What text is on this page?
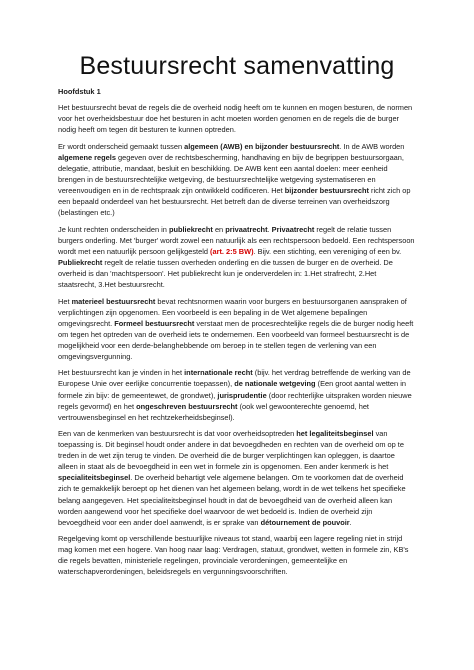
Bestuursrecht samenvatting
Hoofdstuk 1

Het bestuursrecht bevat de regels die de overheid nodig heeft om te kunnen en mogen besturen, de normen voor het overheidsbestuur doe het besturen in acht moeten worden genomen en de regels die de burger nodig heeft om tegen dit besturen te kunnen optreden.

Er wordt onderscheid gemaakt tussen algemeen (AWB) en bijzonder bestuursrecht. In de AWB worden algemene regels gegeven over de rechtsbescherming, handhaving en bijv de begrippen bestuursorgaan, delegatie, attributie, mandaat, besluit en beschikking. De AWB kent een aantal doelen: meer eenheid brengen in de bestuursrechtelijke wetgeving, de bestuursrechtelijke wetgeving systematiseren en vereenvoudigen en in de rechtspraak zijn ontwikkeld codificeren. Het bijzonder bestuursrecht richt zich op een bepaald onderdeel van het bestuursrecht. Het betreft dan de diverse terreinen van overheidszorg (belastingen etc.)

Je kunt rechten onderscheiden in publiekrecht en privaatrecht. Privaatrecht regelt de relatie tussen burgers onderling. Met 'burger' wordt zowel een natuurlijk als een rechtspersoon bedoeld. Een rechtspersoon wordt met een natuurlijk persoon gelijkgesteld (art. 2:5 BW). Bijv. een stichting, een vereniging of een bv. Publiekrecht regelt de relatie tussen overheden onderling en die tussen de burger en de overheid. De overheid is dan 'machtspersoon'. Het publiekrecht kun je onderverdelen in: 1.Het strafrecht, 2.Het staatsrecht, 3.Het bestuursrecht.

Het materieel bestuursrecht bevat rechtsnormen waarin voor burgers en bestuursorganen aanspraken of verplichtingen zijn opgenomen. Een voorbeeld is een bepaling in de Wet algemene bepalingen omgevingsrecht. Formeel bestuursrecht verstaat men de procesrechtelijke regels die de burger nodig heeft om tegen het optreden van de overheid iets te ondernemen. Een voorbeeld van formeel bestuursrecht is de mogelijkheid voor een derde-belanghebbende om beroep in te stellen tegen de verlening van een omgevingsvergunning.

Het bestuursrecht kan je vinden in het internationale recht (bijv. het verdrag betreffende de werking van de Europese Unie over eerlijke concurrentie toepassen), de nationale wetgeving (Een groot aantal wetten in formele zin bijv: de gemeentewet, de grondwet), jurisprudentie (door rechterlijke uitspraken worden nieuwe regels gevormd) en het ongeschreven bestuursrecht (ook wel gewoonterechte genoemd, het vertrouwensbeginsel en het rechtzekerheidsbeginsel).

Een van de kenmerken van bestuursrecht is dat voor overheidsoptreden het legaliteitsbeginsel van toepassing is. Dit beginsel houdt onder andere in dat bevoegdheden en rechten van de overheid om op te treden in de wet zijn terug te vinden. De overheid die de burger verplichtingen kan opleggen, is daartoe alleen in staat als de bevoegdheid in een wet in formele zin is opgenomen. Een ander kenmerk is het specialiteitsbeginsel. De overheid behartigt vele algemene belangen. Om te voorkomen dat de overheid zich te gemakkelijk beroept op het dienen van het algemeen belang, wordt in de wet telkens het specifieke belang aangegeven. Het specialiteitsbeginsel houdt in dat de bevoegdheid van de overheid alleen kan worden aangewend voor het specifieke doel waarvoor de wet bedoeld is. Indien de overheid zijn bevoegdheid voor een ander doel aanwendt, is er sprake van détournement de pouvoir.

Regelgeving komt op verschillende bestuurlijke niveaus tot stand, waarbij een lagere regeling niet in strijd mag komen met een hogere. Van hoog naar laag: Verdragen, statuut, grondwet, wetten in formele zin, KB's die regels bevatten, ministeriele regelingen, provinciale verordeningen, gemeentelijke en waterschapverordeningen, beleidsregels en vergunningsvoorschriften.
